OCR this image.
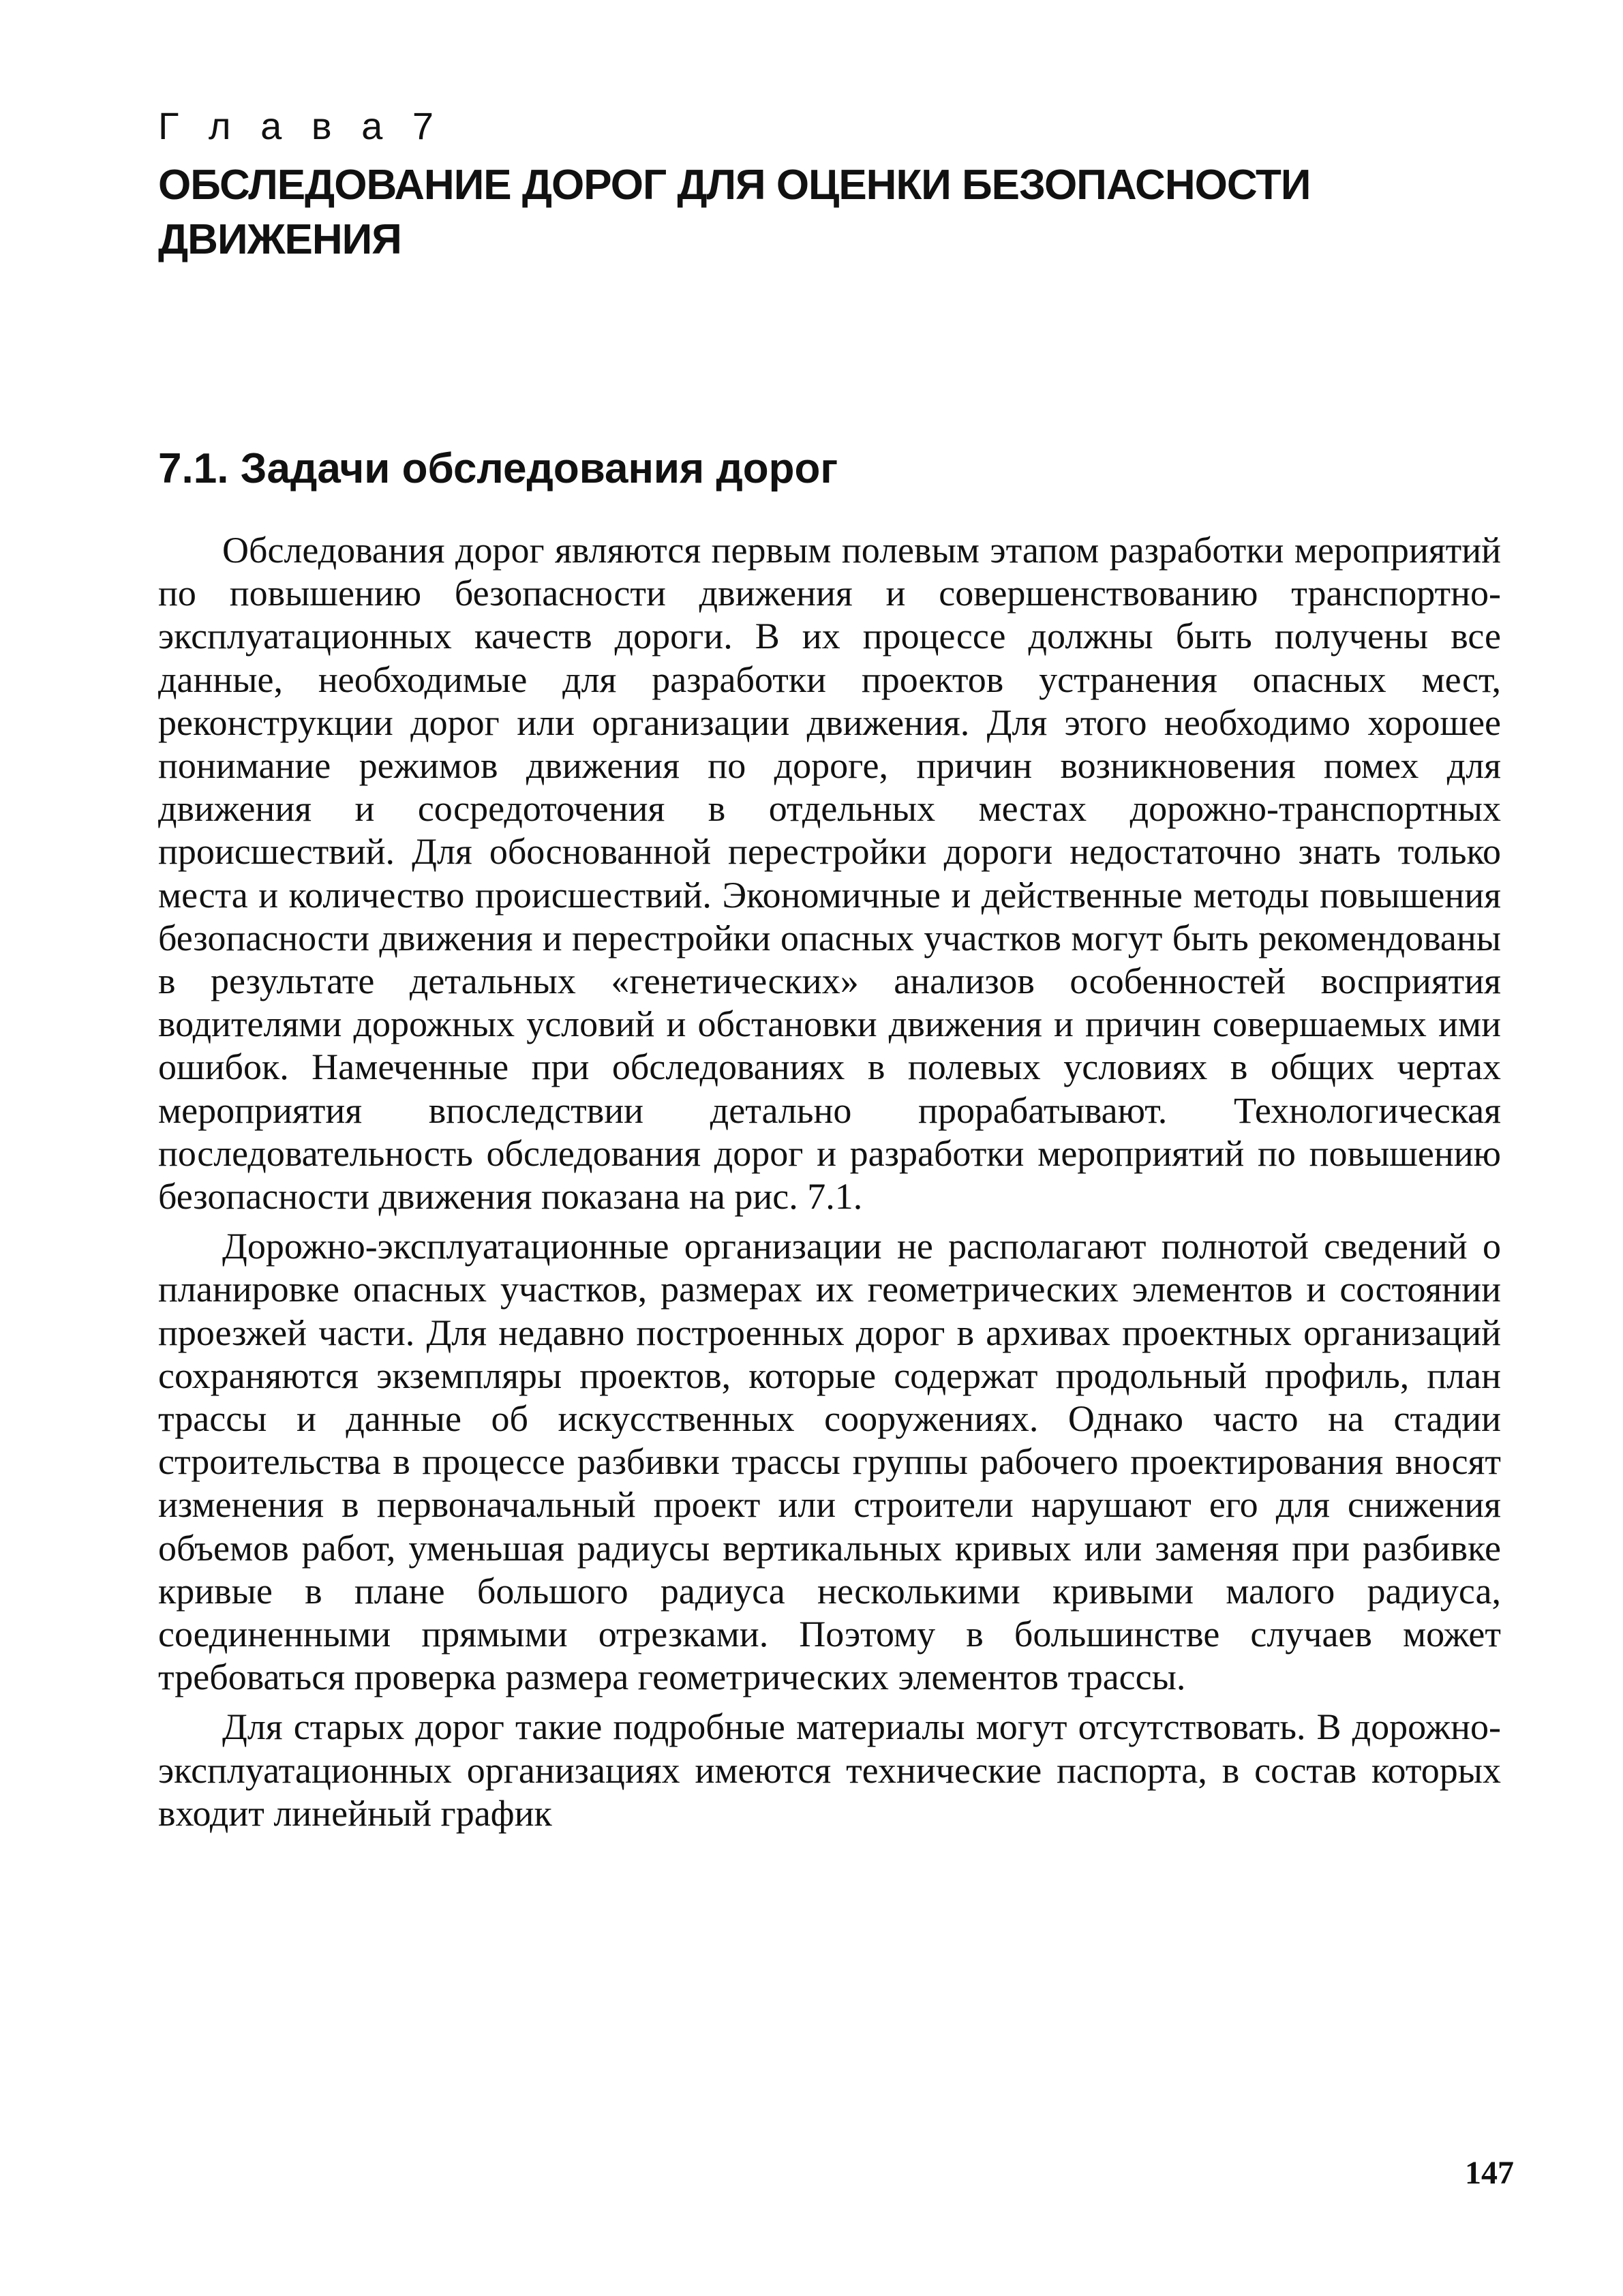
Г л а в а 7
ОБСЛЕДОВАНИЕ ДОРОГ ДЛЯ ОЦЕНКИ БЕЗОПАСНОСТИ ДВИЖЕНИЯ
7.1. Задачи обследования дорог

Обследования дорог являются первым полевым этапом разработки мероприятий по повышению безопасности движения и совершенствованию транспортно-эксплуатационных качеств дороги. В их процессе должны быть получены все данные, необходимые для разработки проектов устранения опасных мест, реконструкции дорог или организации движения. Для этого необходимо хорошее понимание режимов движения по дороге, причин возникновения помех для движения и сосредоточения в отдельных местах дорожно-транспортных происшествий. Для обоснованной перестройки дороги недостаточно знать только места и количество происшествий. Экономичные и действенные методы повышения безопасности движения и перестройки опасных участков могут быть рекомендованы в результате детальных «генетических» анализов особенностей восприятия водителями дорожных условий и обстановки движения и причин совершаемых ими ошибок. Намеченные при обследованиях в полевых условиях в общих чертах мероприятия впоследствии детально прорабатывают. Технологическая последовательность обследования дорог и разработки мероприятий по повышению безопасности движения показана на рис. 7.1.

Дорожно-эксплуатационные организации не располагают полнотой сведений о планировке опасных участков, размерах их геометрических элементов и состоянии проезжей части. Для недавно построенных дорог в архивах проектных организаций сохраняются экземпляры проектов, которые содержат продольный профиль, план трассы и данные об искусственных сооружениях. Однако часто на стадии строительства в процессе разбивки трассы группы рабочего проектирования вносят изменения в первоначальный проект или строители нарушают его для снижения объемов работ, уменьшая радиусы вертикальных кривых или заменяя при разбивке кривые в плане большого радиуса несколькими кривыми малого радиуса, соединенными прямыми отрезками. Поэтому в большинстве случаев может требоваться проверка размера геометрических элементов трассы.

Для старых дорог такие подробные материалы могут отсутствовать. В дорожно-эксплуатационных организациях имеются технические паспорта, в состав которых входит линейный график

147
